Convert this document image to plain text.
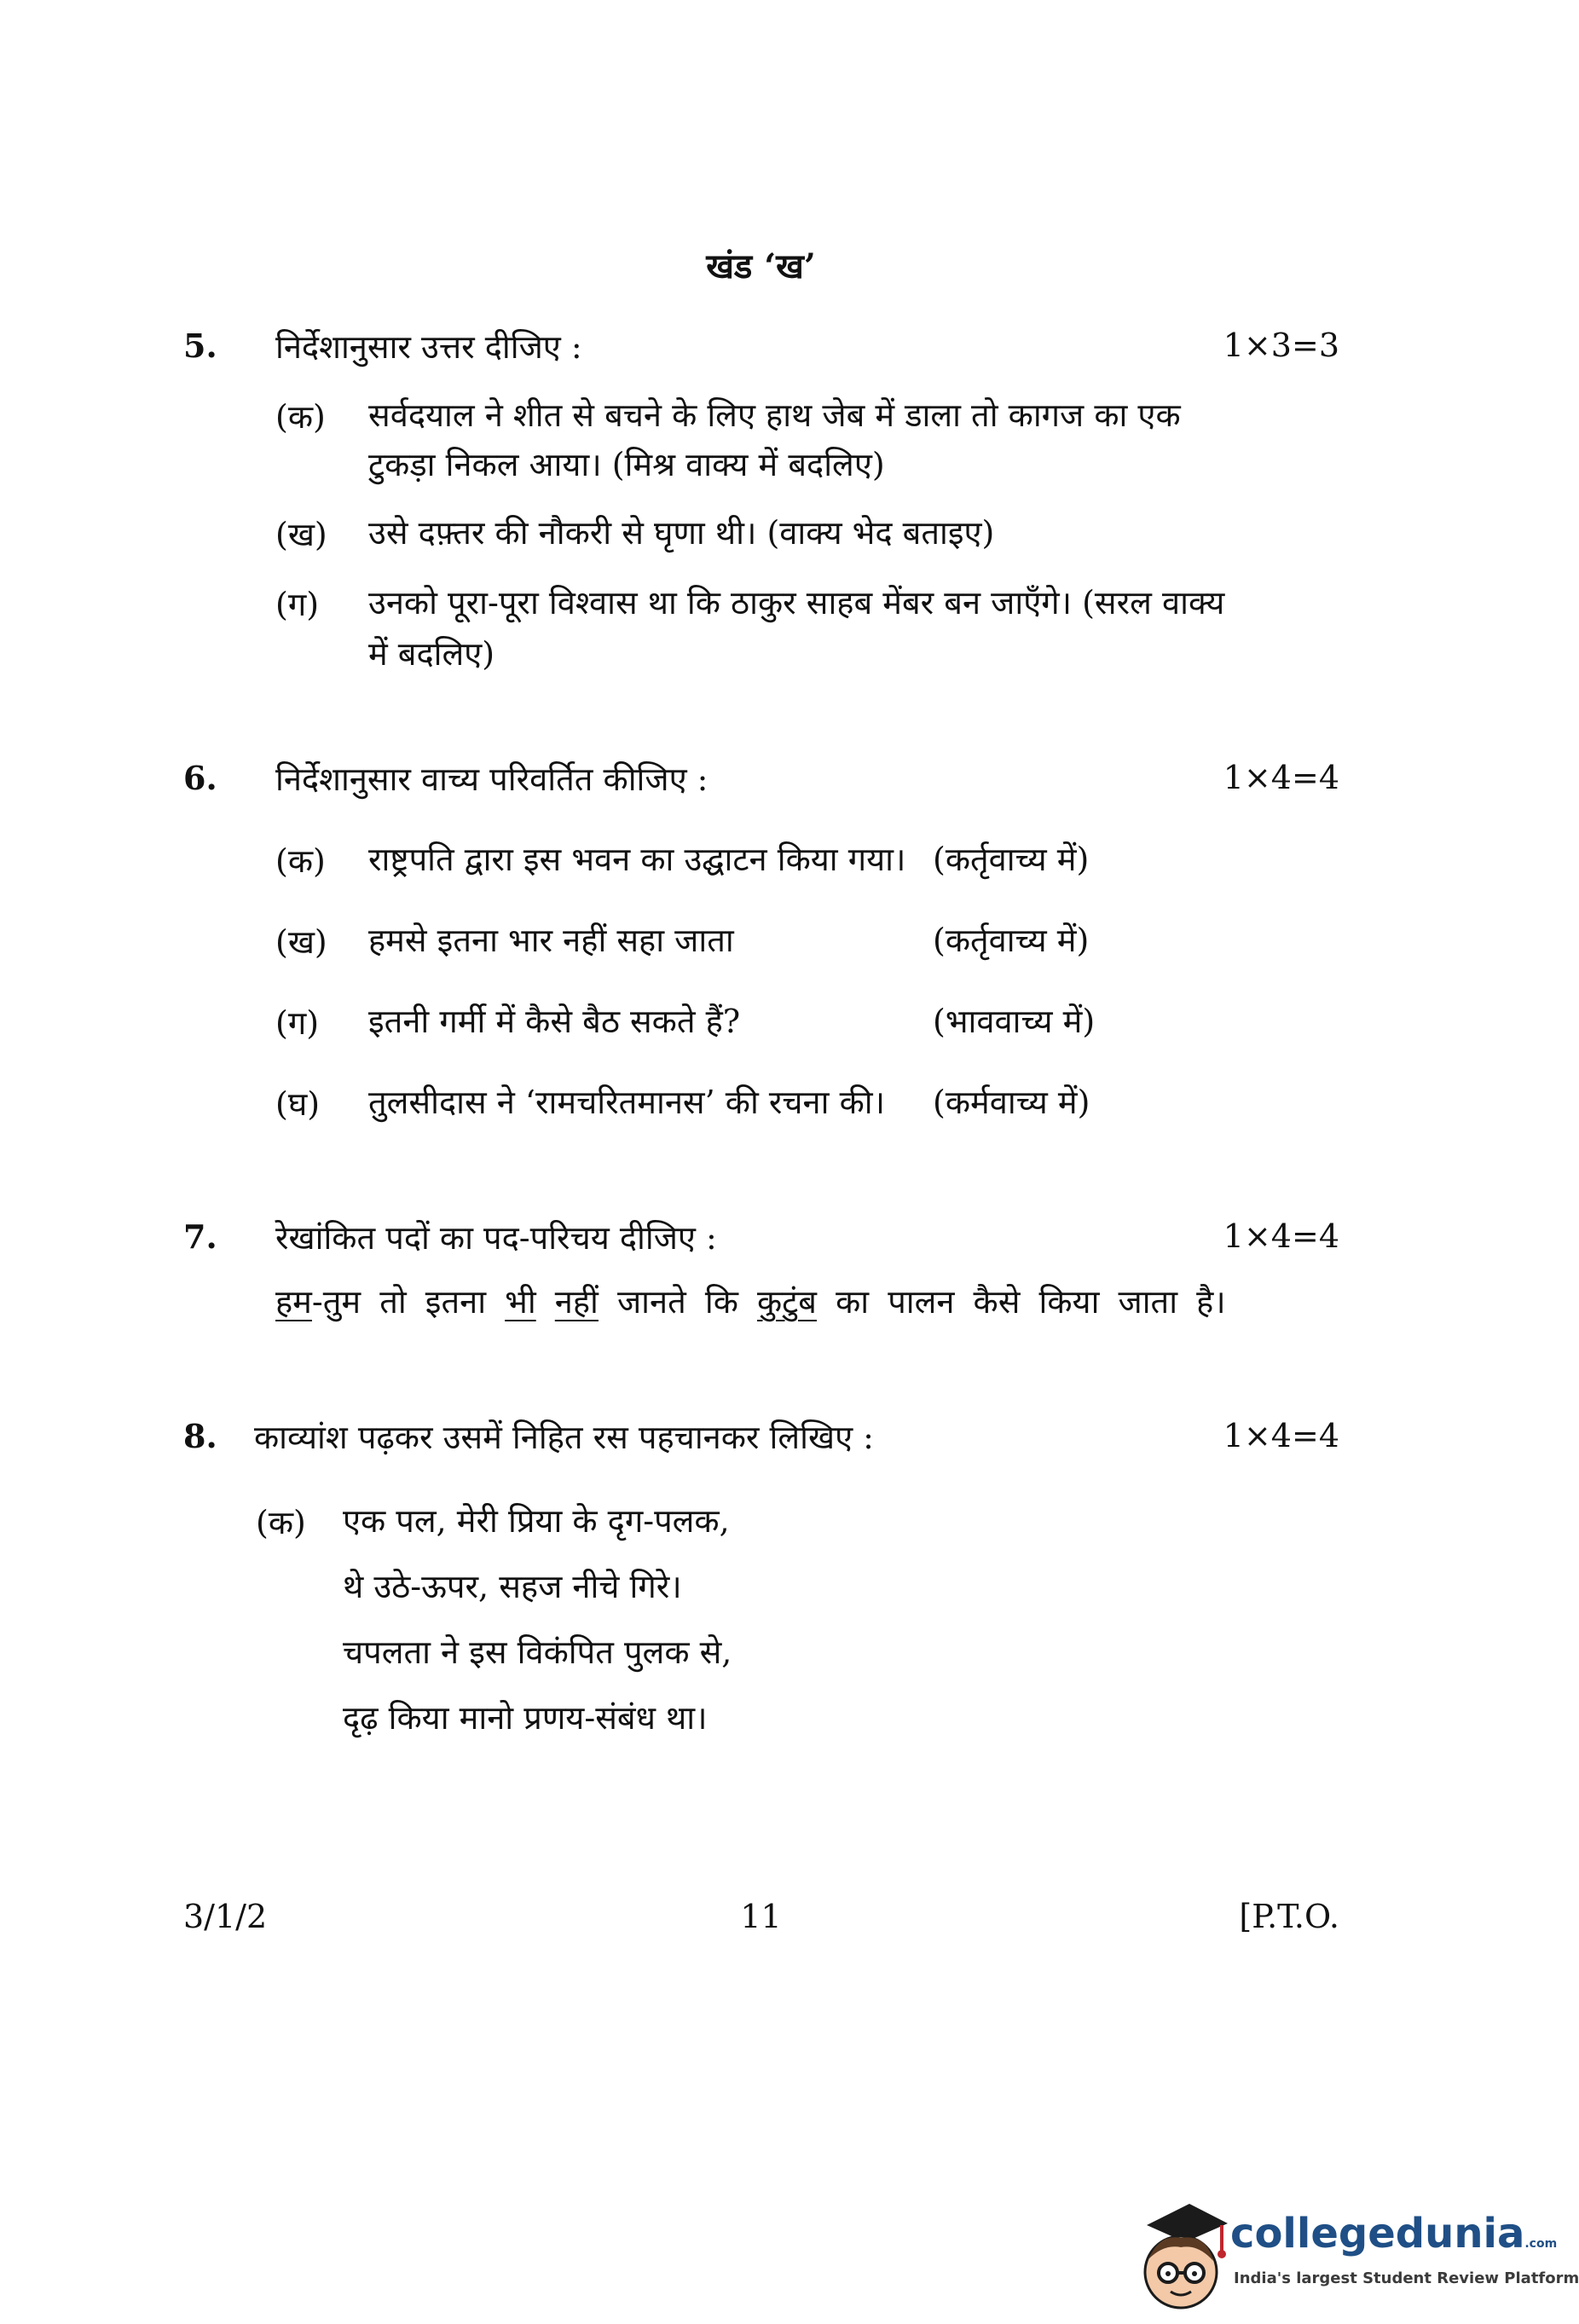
खंड ‘ख’
5. निर्देशानुसार उत्तर दीजिए :	1×3=3
(क) सर्वदयाल ने शीत से बचने के लिए हाथ जेब में डाला तो कागज का एक
टुकड़ा निकल आया। (मिश्र वाक्य में बदलिए)
(ख) उसे दफ़्तर की नौकरी से घृणा थी। (वाक्य भेद बताइए)
(ग) उनको पूरा-पूरा विश्वास था कि ठाकुर साहब मेंबर बन जाएँगे। (सरल वाक्य
में बदलिए)
6. निर्देशानुसार वाच्य परिवर्तित कीजिए :	1×4=4
(क) राष्ट्रपति द्वारा इस भवन का उद्घाटन किया गया। (कर्तृवाच्य में)
(ख) हमसे इतना भार नहीं सहा जाता	(कर्तृवाच्य में)
(ग) इतनी गर्मी में कैसे बैठ सकते हैं?	(भाववाच्य में)
(घ) तुलसीदास ने ‘रामचरितमानस’ की रचना की। (कर्मवाच्य में)
7. रेखांकित पदों का पद-परिचय दीजिए :	1×4=4
हम-तुम तो इतना भी नहीं जानते कि कुटुंब का पालन कैसे किया जाता है।
8. काव्यांश पढ़कर उसमें निहित रस पहचानकर लिखिए :	1×4=4
(क) एक पल, मेरी प्रिया के दृग-पलक,
थे उठे-ऊपर, सहज नीचे गिरे।
चपलता ने इस विकंपित पुलक से,
दृढ़ किया मानो प्रणय-संबंध था।
3/1/2	11	[P.T.O.
collegedunia.com
India's largest Student Review Platform
